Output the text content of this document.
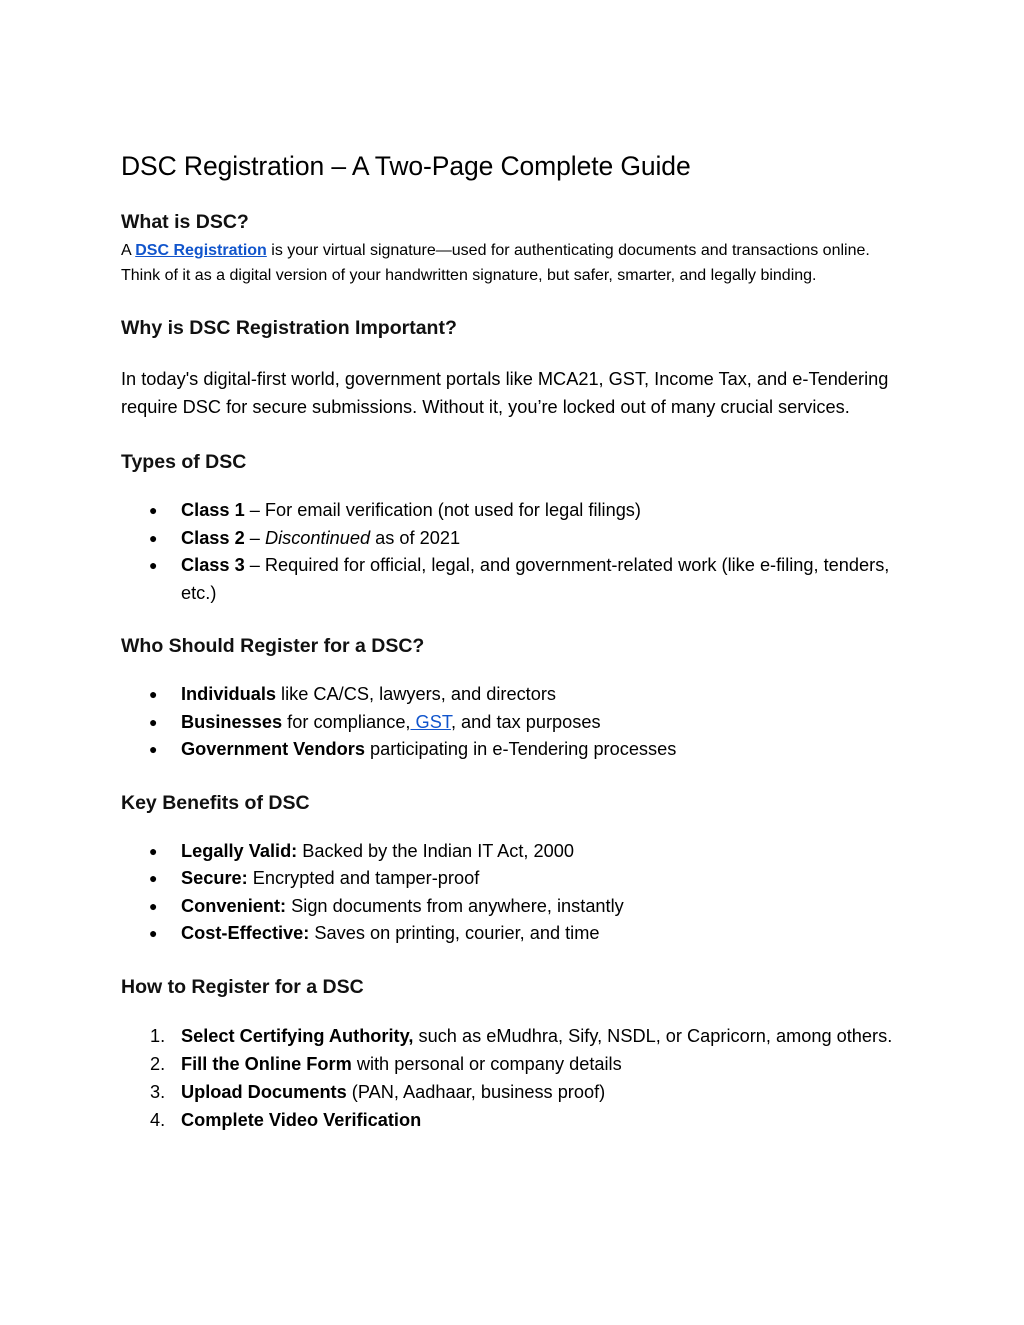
DSC Registration – A Two-Page Complete Guide
What is DSC?

A DSC Registration is your virtual signature—used for authenticating documents and transactions online. Think of it as a digital version of your handwritten signature, but safer, smarter, and legally binding.

Why is DSC Registration Important?

In today's digital-first world, government portals like MCA21, GST, Income Tax, and e-Tendering require DSC for secure submissions. Without it, you’re locked out of many crucial services.

Types of DSC
● Class 1 – For email verification (not used for legal filings)
● Class 2 – Discontinued as of 2021
● Class 3 – Required for official, legal, and government-related work (like e-filing, tenders, etc.)
Who Should Register for a DSC?
● Individuals like CA/CS, lawyers, and directors
● Businesses for compliance, GST, and tax purposes
● Government Vendors participating in e-Tendering processes
Key Benefits of DSC
● Legally Valid: Backed by the Indian IT Act, 2000
● Secure: Encrypted and tamper-proof
● Convenient: Sign documents from anywhere, instantly
● Cost-Effective: Saves on printing, courier, and time
How to Register for a DSC
1. Select Certifying Authority, such as eMudhra, Sify, NSDL, or Capricorn, among others.
2. Fill the Online Form with personal or company details
3. Upload Documents (PAN, Aadhaar, business proof)
4. Complete Video Verification
